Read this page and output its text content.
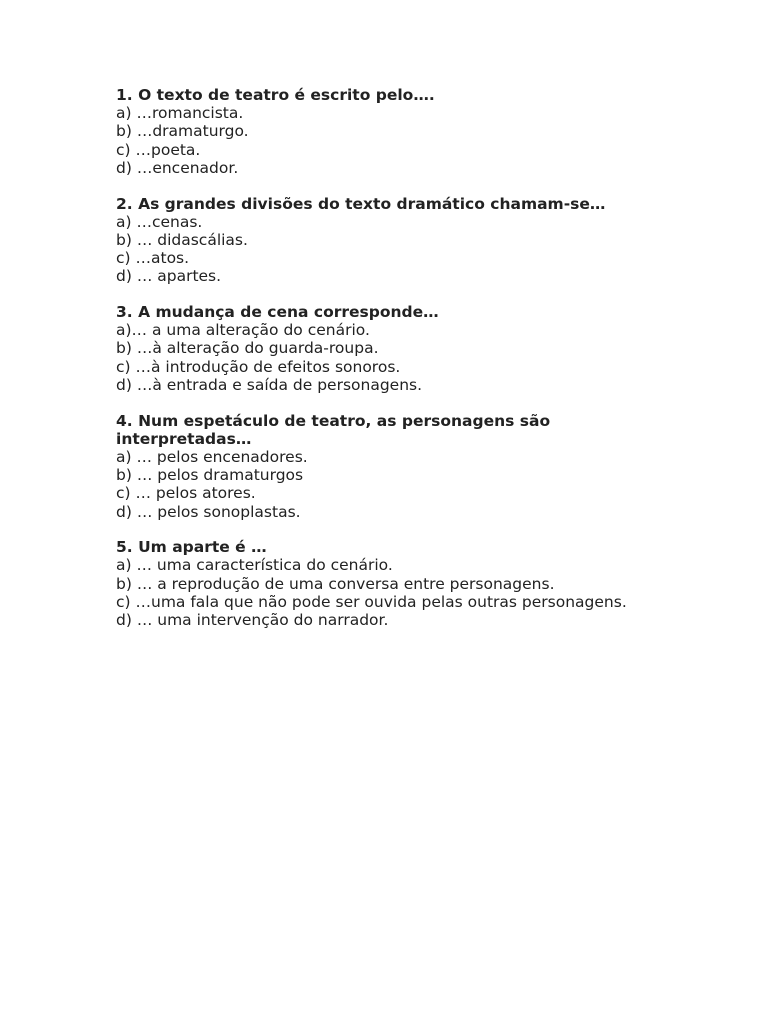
1. O texto de teatro é escrito pelo….

a) …romancista.
b) …dramaturgo.
c) …poeta.
d) …encenador.

2. As grandes divisões do texto dramático chamam-se…

a) …cenas.
b) … didascálias.
c) …atos.
d) … apartes.

3. A mudança de cena corresponde…

a)… a uma alteração do cenário.
b) …à alteração do guarda-roupa.
c) …à introdução de efeitos sonoros.
d) …à entrada e saída de personagens.

4. Num espetáculo de teatro, as personagens são interpretadas…

a) … pelos encenadores.
b) … pelos dramaturgos
c) … pelos atores.
d) … pelos sonoplastas.

5. Um aparte é …

a) … uma característica do cenário.
b) … a reprodução de uma conversa entre personagens.
c) …uma fala que não pode ser ouvida pelas outras personagens.
d) … uma intervenção do narrador.
